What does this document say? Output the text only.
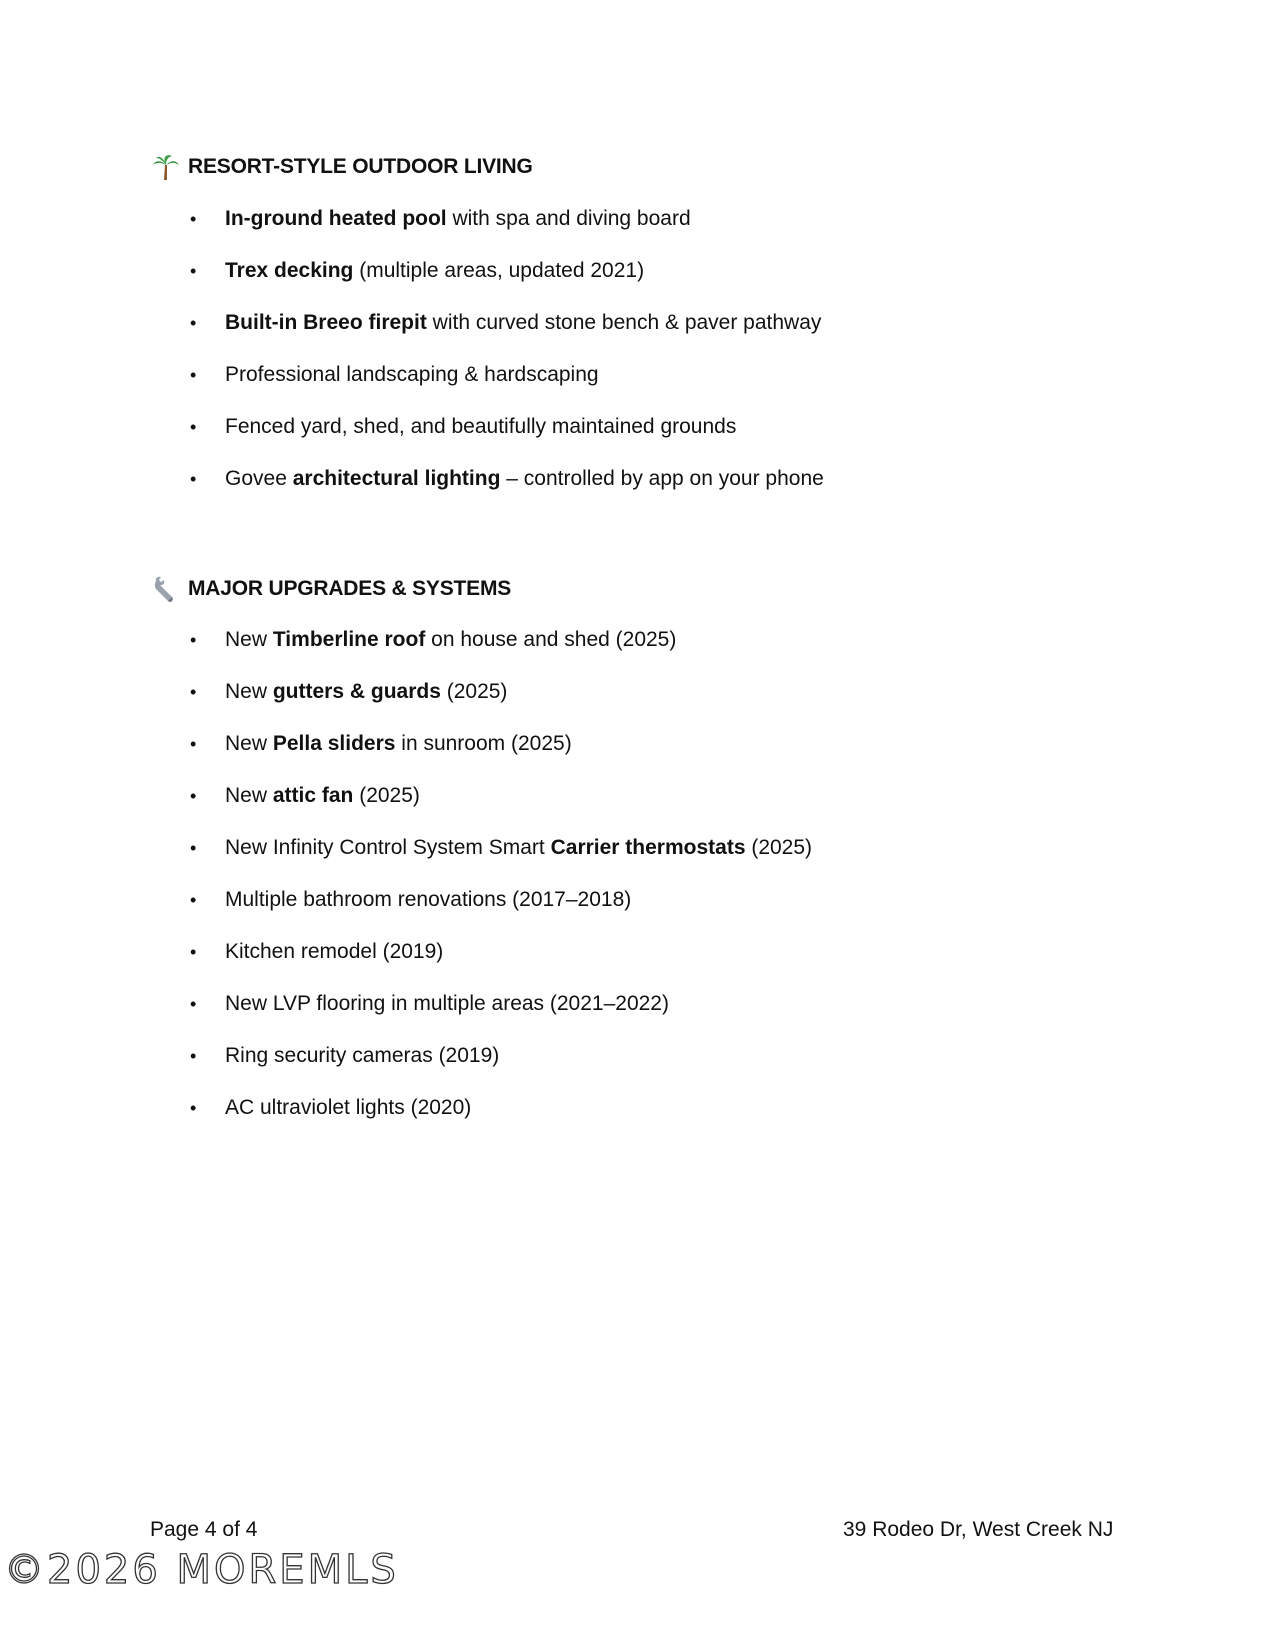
RESORT-STYLE OUTDOOR LIVING
•	In-ground heated pool with spa and diving board
•	Trex decking (multiple areas, updated 2021)
•	Built-in Breeo firepit with curved stone bench & paver pathway
•	Professional landscaping & hardscaping
•	Fenced yard, shed, and beautifully maintained grounds
•	Govee architectural lighting – controlled by app on your phone
MAJOR UPGRADES & SYSTEMS
•	New Timberline roof on house and shed (2025)
•	New gutters & guards (2025)
•	New Pella sliders in sunroom (2025)
•	New attic fan (2025)
•	New Infinity Control System Smart Carrier thermostats (2025)
•	Multiple bathroom renovations (2017–2018)
•	Kitchen remodel (2019)
•	New LVP flooring in multiple areas (2021–2022)
•	Ring security cameras (2019)
•	AC ultraviolet lights (2020)
Page 4 of 4	39 Rodeo Dr, West Creek NJ
©2026 MOREMLS
